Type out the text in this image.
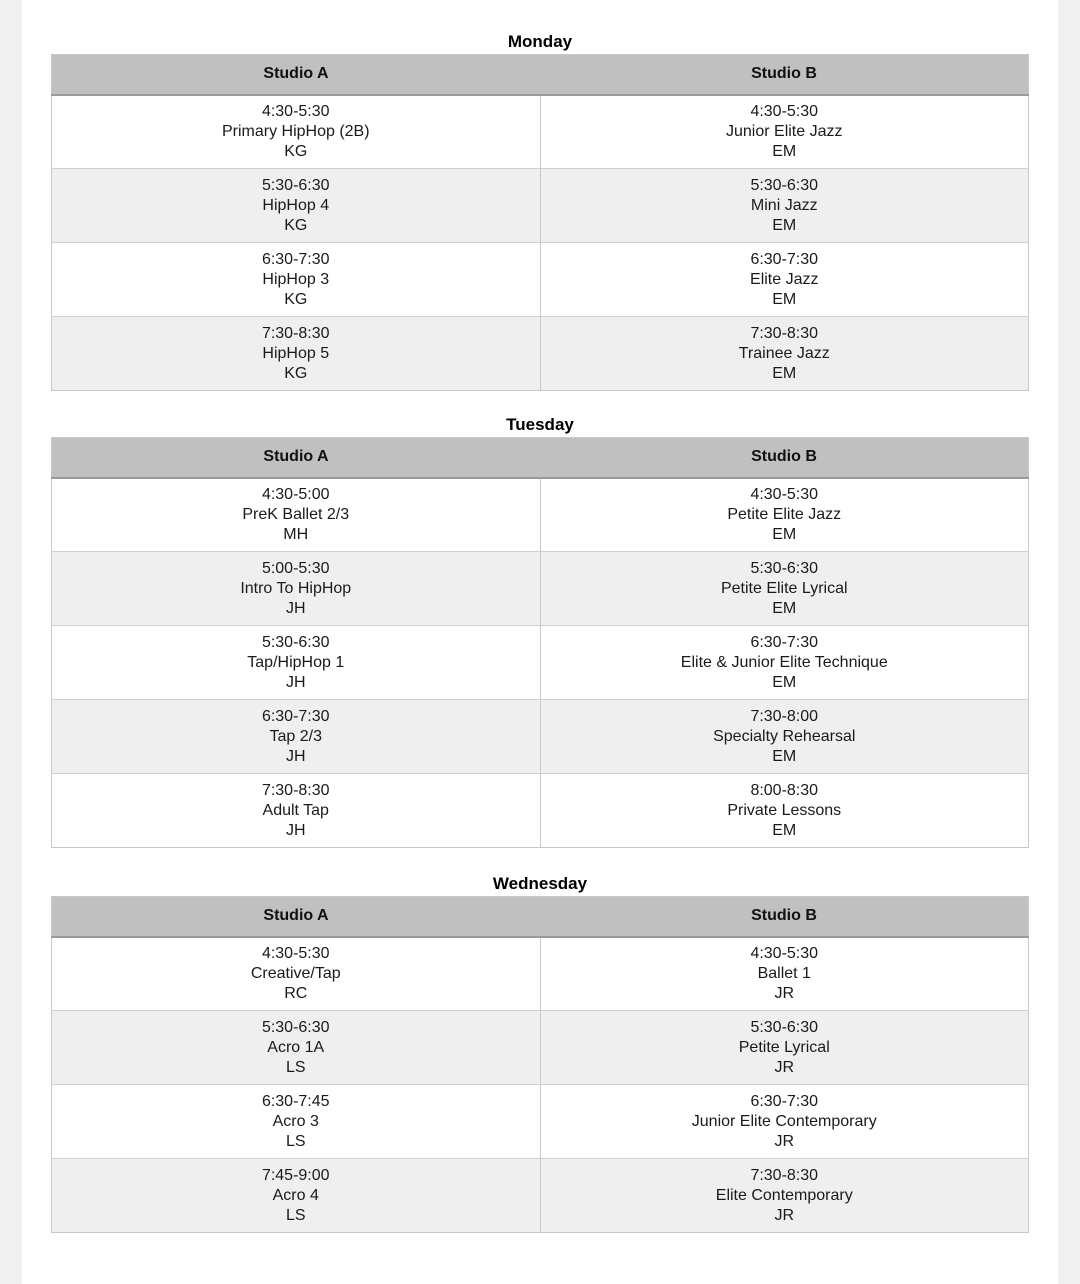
Monday
Studio A	Studio B

4:30-5:30
Primary HipHop (2B)
KG	4:30-5:30
Junior Elite Jazz
EM

5:30-6:30
HipHop 4
KG	5:30-6:30
Mini Jazz
EM

6:30-7:30
HipHop 3
KG	6:30-7:30
Elite Jazz
EM

7:30-8:30
HipHop 5
KG	7:30-8:30
Trainee Jazz
EM
Tuesday
Studio A	Studio B

4:30-5:00
PreK Ballet 2/3
MH	4:30-5:30
Petite Elite Jazz
EM

5:00-5:30
Intro To HipHop
JH	5:30-6:30
Petite Elite Lyrical
EM

5:30-6:30
Tap/HipHop 1
JH	6:30-7:30
Elite & Junior Elite Technique
EM

6:30-7:30
Tap 2/3
JH	7:30-8:00
Specialty Rehearsal
EM

7:30-8:30
Adult Tap
JH	8:00-8:30
Private Lessons
EM
Wednesday
Studio A	Studio B

4:30-5:30
Creative/Tap
RC	4:30-5:30
Ballet 1
JR

5:30-6:30
Acro 1A
LS	5:30-6:30
Petite Lyrical
JR

6:30-7:45
Acro 3
LS	6:30-7:30
Junior Elite Contemporary
JR

7:45-9:00
Acro 4
LS	7:30-8:30
Elite Contemporary
JR
